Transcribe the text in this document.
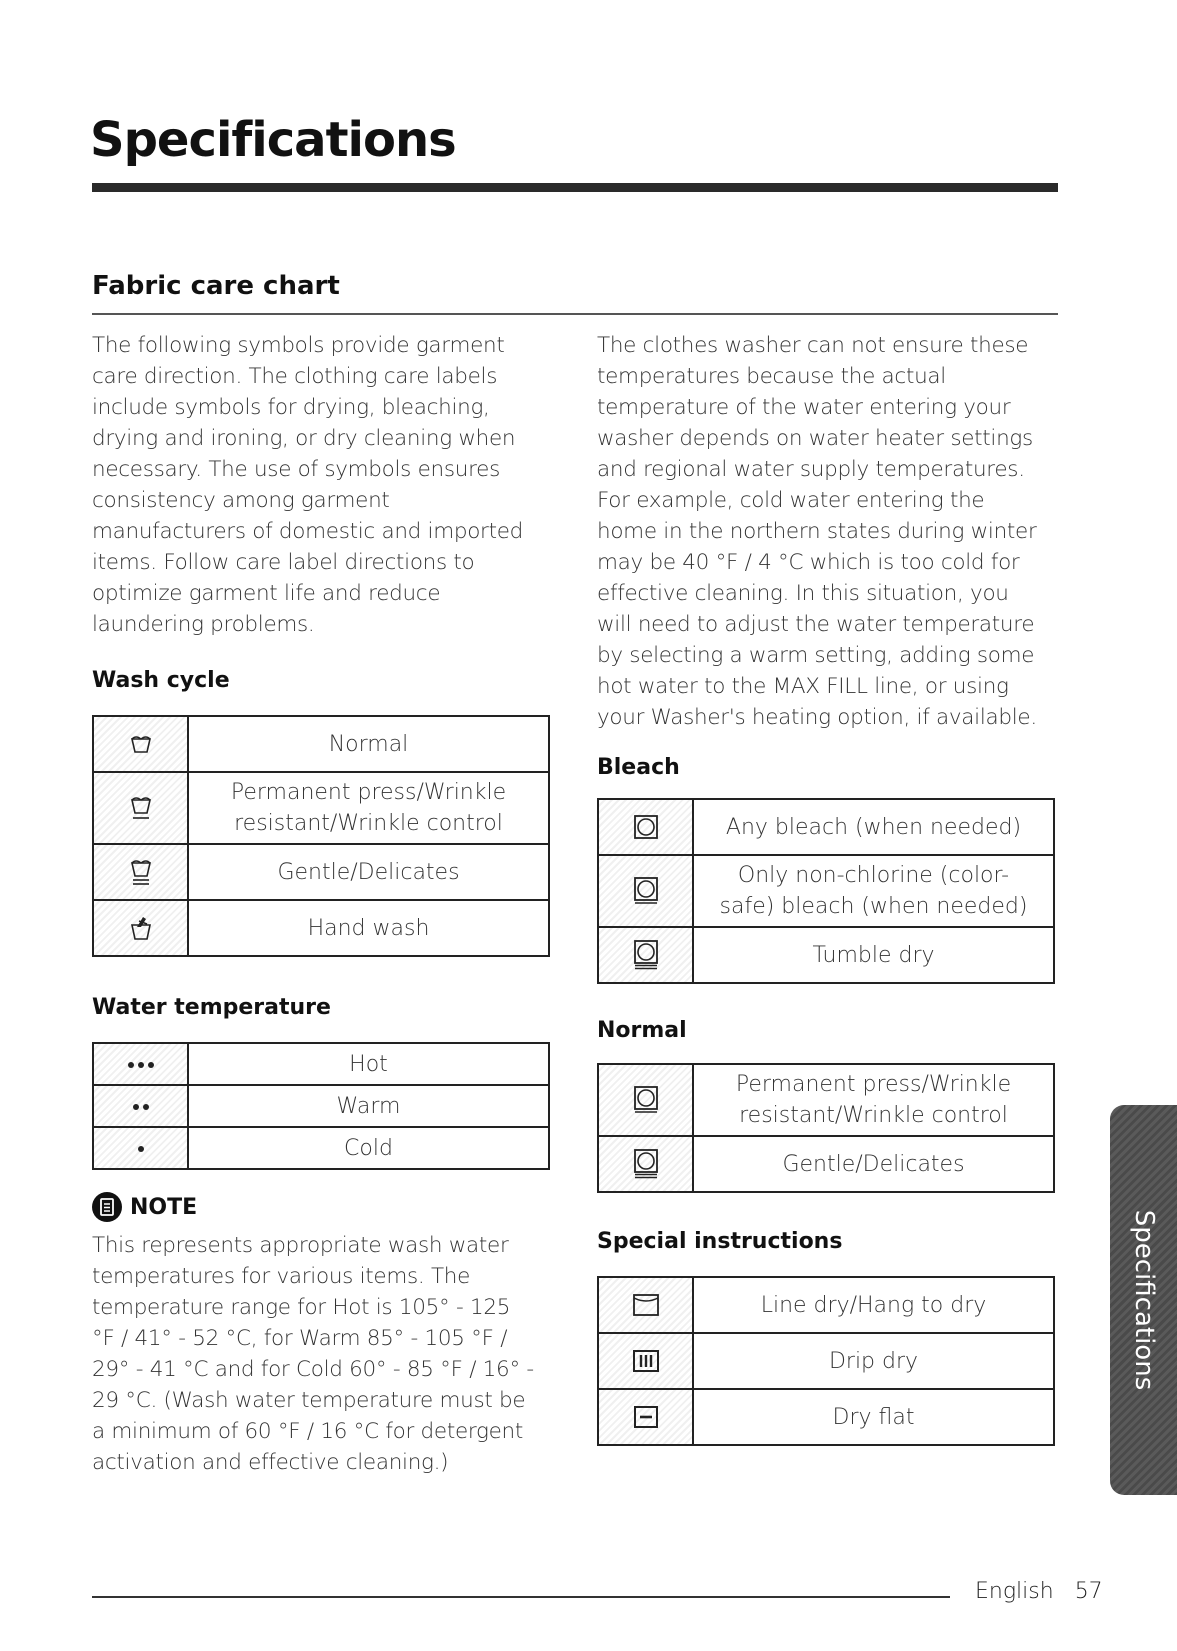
Specifications
Fabric care chart

The following symbols provide garment care direction. The clothing care labels include symbols for drying, bleaching, drying and ironing, or dry cleaning when necessary. The use of symbols ensures consistency among garment manufacturers of domestic and imported items. Follow care label directions to optimize garment life and reduce laundering problems.

Wash cycle
	Normal
	Permanent press/Wrinkle resistant/Wrinkle control
	Gentle/Delicates
	Hand wash
Water temperature
	Hot
	Warm
	Cold
NOTE

This represents appropriate wash water temperatures for various items. The temperature range for Hot is 105° - 125 °F / 41° - 52 °C, for Warm 85° - 105 °F / 29° - 41 °C and for Cold 60° - 85 °F / 16° - 29 °C. (Wash water temperature must be a minimum of 60 °F / 16 °C for detergent activation and effective cleaning.)

The clothes washer can not ensure these temperatures because the actual temperature of the water entering your washer depends on water heater settings and regional water supply temperatures. For example, cold water entering the home in the northern states during winter may be 40 °F / 4 °C which is too cold for effective cleaning. In this situation, you will need to adjust the water temperature by selecting a warm setting, adding some hot water to the MAX FILL line, or using your Washer's heating option, if available.

Bleach
	Any bleach (when needed)
	Only non-chlorine (color-safe) bleach (when needed)
	Tumble dry
Normal
	Permanent press/Wrinkle resistant/Wrinkle control
	Gentle/Delicates
Special instructions
	Line dry/Hang to dry
	Drip dry
	Dry flat
Specifications
English 57
